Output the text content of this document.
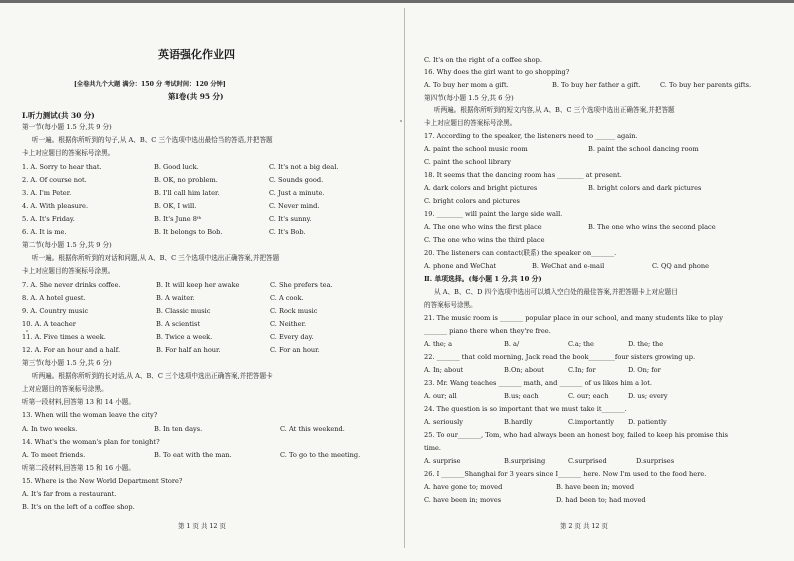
英语强化作业四
[全卷共九个大题 满分：150 分 考试时间：120 分钟]
第Ⅰ卷(共 95 分)
Ⅰ.听力测试(共 30 分)
第一节(每小题 1.5 分,共 9 分)
听一遍。根据你所听到的句子,从 A、B、C 三个选项中选出最恰当的答语,并把答题
卡上对应题目的答案标号涂黑。
1. A. Sorry to hear that.	B. Good luck.	C. It's not a big deal.
2. A. Of course not.	B. OK, no problem.	C. Sounds good.
3. A. I'm Peter.	B. I'll call him later.	C. Just a minute.
4. A. With pleasure.	B. OK, I will.	C. Never mind.
5. A. It's Friday.	B. It's June 8ᵗʰ	C. It's sunny.
6. A. It is me.	B. It belongs to Bob.	C. It's Bob.
第二节(每小题 1.5 分,共 9 分)
听一遍。根据你所听到的对话和问题,从 A、B、C 三个选项中选出正确答案,并把答题
卡上对应题目的答案标号涂黑。
7. A. She never drinks coffee.	B. It will keep her awake	C. She prefers tea.
8. A. A hotel guest.	B. A waiter.	C. A cook.
9. A. Country music	B. Classic music	C. Rock music
10. A. A teacher	B. A scientist	C. Neither.
11. A. Five times a week.	B. Twice a week.	C. Every day.
12. A. For an hour and a half.	B. For half an hour.	C. For an hour.
第三节(每小题 1.5 分,共 6 分)
听两遍。根据你所听到的长对话,从 A、B、C 三个选项中选出正确答案,并把答题卡
上对应题目的答案标号涂黑。
听第一段材料,回答第 13 和 14 小题。
13. When will the woman leave the city?
A. In two weeks.	B. In ten days.	C. At this weekend.
14. What's the woman's plan for tonight?
A. To meet friends.	B. To eat with the man.	C. To go to the meeting.
听第二段材料,回答第 15 和 16 小题。
15. Where is the New World Department Store?
A. It's far from a restaurant.
B. It's on the left of a coffee shop.
第 1 页 共 12 页
C. It's on the right of a coffee shop.
16. Why does the girl want to go shopping?
A. To buy her mom a gift.	B. To buy her father a gift.	C. To buy her parents gifts.
第四节(每小题 1.5 分,共 6 分)
听两遍。根据你所听到的短文内容,从 A、B、C 三个选项中选出正确答案,并把答题
卡上对应题目的答案标号涂黑。
17. According to the speaker, the listeners need to ______ again.
A. paint the school music room	B. paint the school dancing room
C. paint the school library
18. It seems that the dancing room has ________ at present.
A. dark colors and bright pictures	B. bright colors and dark pictures
C. bright colors and pictures
19. ________ will paint the large side wall.
A. The one who wins the first place	B. The one who wins the second place
C. The one who wins the third place
20. The listeners can contact(联系) the speaker on_______.
A. phone and WeChat	B. WeChat and e-mail	C. QQ and phone
Ⅱ. 单项选择。(每小题 1 分,共 10 分)
从 A、B、C、D 四个选项中选出可以填入空白处的最佳答案,并把答题卡上对应题目
的答案标号涂黑。
21. The music room is _______ popular place in our school, and many students like to play
_______ piano there when they're free.
A. the; a	B. a/	C.a; the	D. the; the
22. _______ that cold morning, Jack read the book________four sisters growing up.
A. In; about	B.On; about	C.In; for	D. On; for
23. Mr. Wang teaches _______ math, and _______ of us likes him a lot.
A. our; all	B.us; each	C. our; each	D. us; every
24. The question is so important that we must take it_______.
A. seriously	B.hardly	C.importantly D. patiently
25. To our_______, Tom, who had always been an honest boy, failed to keep his promise this
time.
A. surprise	B.surprising	C.surprised	D.surprises
26. I _______Shanghai for 3 years since I_______ here. Now I'm used to the food here.
A. have gone to; moved	B. have been in; moved
C. have been in; moves	D. had been to; had moved
第 2 页 共 12 页
